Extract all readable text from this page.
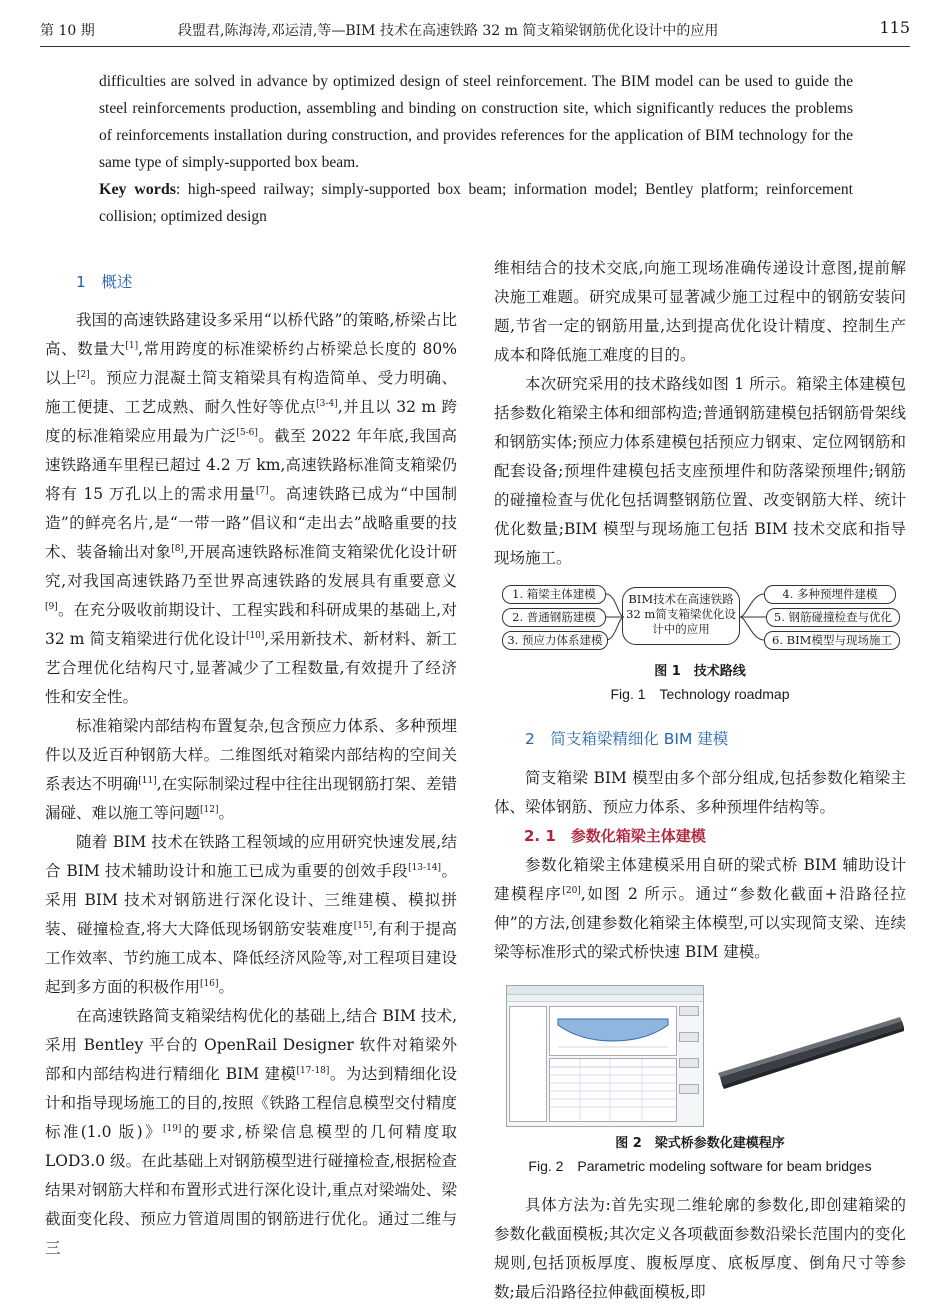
第 10 期	段盟君,陈海涛,邓运清,等—BIM 技术在高速铁路 32 m 简支箱梁钢筋优化设计中的应用	115
difficulties are solved in advance by optimized design of steel reinforcement. The BIM model can be used to guide the steel reinforcements production, assembling and binding on construction site, which significantly reduces the problems of reinforcements installation during construction, and provides references for the application of BIM technology for the same type of simply-supported box beam.
Key words: high-speed railway; simply-supported box beam; information model; Bentley platform; reinforcement collision; optimized design

1　概述

我国的高速铁路建设多采用“以桥代路”的策略,桥梁占比高、数量大[1],常用跨度的标准梁桥约占桥梁总长度的 80%以上[2]。预应力混凝土简支箱梁具有构造简单、受力明确、施工便捷、工艺成熟、耐久性好等优点[3-4],并且以 32 m 跨度的标准箱梁应用最为广泛[5-6]。截至 2022 年年底,我国高速铁路通车里程已超过 4.2 万 km,高速铁路标准简支箱梁仍将有 15 万孔以上的需求用量[7]。高速铁路已成为“中国制造”的鲜亮名片,是“一带一路”倡议和“走出去”战略重要的技术、装备输出对象[8],开展高速铁路标准简支箱梁优化设计研究,对我国高速铁路乃至世界高速铁路的发展具有重要意义[9]。在充分吸收前期设计、工程实践和科研成果的基础上,对 32 m 简支箱梁进行优化设计[10],采用新技术、新材料、新工艺合理优化结构尺寸,显著减少了工程数量,有效提升了经济性和安全性。

标准箱梁内部结构布置复杂,包含预应力体系、多种预埋件以及近百种钢筋大样。二维图纸对箱梁内部结构的空间关系表达不明确[11],在实际制梁过程中往往出现钢筋打架、差错漏碰、难以施工等问题[12]。

随着 BIM 技术在铁路工程领域的应用研究快速发展,结合 BIM 技术辅助设计和施工已成为重要的创效手段[13-14]。采用 BIM 技术对钢筋进行深化设计、三维建模、模拟拼装、碰撞检查,将大大降低现场钢筋安装难度[15],有利于提高工作效率、节约施工成本、降低经济风险等,对工程项目建设起到多方面的积极作用[16]。

在高速铁路简支箱梁结构优化的基础上,结合 BIM 技术,采用 Bentley 平台的 OpenRail Designer 软件对箱梁外部和内部结构进行精细化 BIM 建模[17-18]。为达到精细化设计和指导现场施工的目的,按照《铁路工程信息模型交付精度标准(1.0 版)》[19]的要求,桥梁信息模型的几何精度取 LOD3.0 级。在此基础上对钢筋模型进行碰撞检查,根据检查结果对钢筋大样和布置形式进行深化设计,重点对梁端处、梁截面变化段、预应力管道周围的钢筋进行优化。通过二维与三

维相结合的技术交底,向施工现场准确传递设计意图,提前解决施工难题。研究成果可显著减少施工过程中的钢筋安装问题,节省一定的钢筋用量,达到提高优化设计精度、控制生产成本和降低施工难度的目的。

本次研究采用的技术路线如图 1 所示。箱梁主体建模包括参数化箱梁主体和细部构造;普通钢筋建模包括钢筋骨架线和钢筋实体;预应力体系建模包括预应力钢束、定位网钢筋和配套设备;预埋件建模包括支座预埋件和防落梁预埋件;钢筋的碰撞检查与优化包括调整钢筋位置、改变钢筋大样、统计优化数量;BIM 模型与现场施工包括 BIM 技术交底和指导现场施工。

1. 箱梁主体建模
2. 普通钢筋建模
3. 预应力体系建模
BIM技术在高速铁路32 m简支箱梁优化设计中的应用
4. 多种预埋件建模
5. 钢筋碰撞检查与优化
6. BIM模型与现场施工
图 1　技术路线
Fig. 1　Technology roadmap

2　简支箱梁精细化 BIM 建模

简支箱梁 BIM 模型由多个部分组成,包括参数化箱梁主体、梁体钢筋、预应力体系、多种预埋件结构等。

2. 1　参数化箱梁主体建模

参数化箱梁主体建模采用自研的梁式桥 BIM 辅助设计建模程序[20],如图 2 所示。通过“参数化截面+沿路径拉伸”的方法,创建参数化箱梁主体模型,可以实现简支梁、连续梁等标准形式的梁式桥快速 BIM 建模。

图 2　梁式桥参数化建模程序
Fig. 2　Parametric modeling software for beam bridges

具体方法为:首先实现二维轮廓的参数化,即创建箱梁的参数化截面模板;其次定义各项截面参数沿梁长范围内的变化规则,包括顶板厚度、腹板厚度、底板厚度、倒角尺寸等参数;最后沿路径拉伸截面模板,即
